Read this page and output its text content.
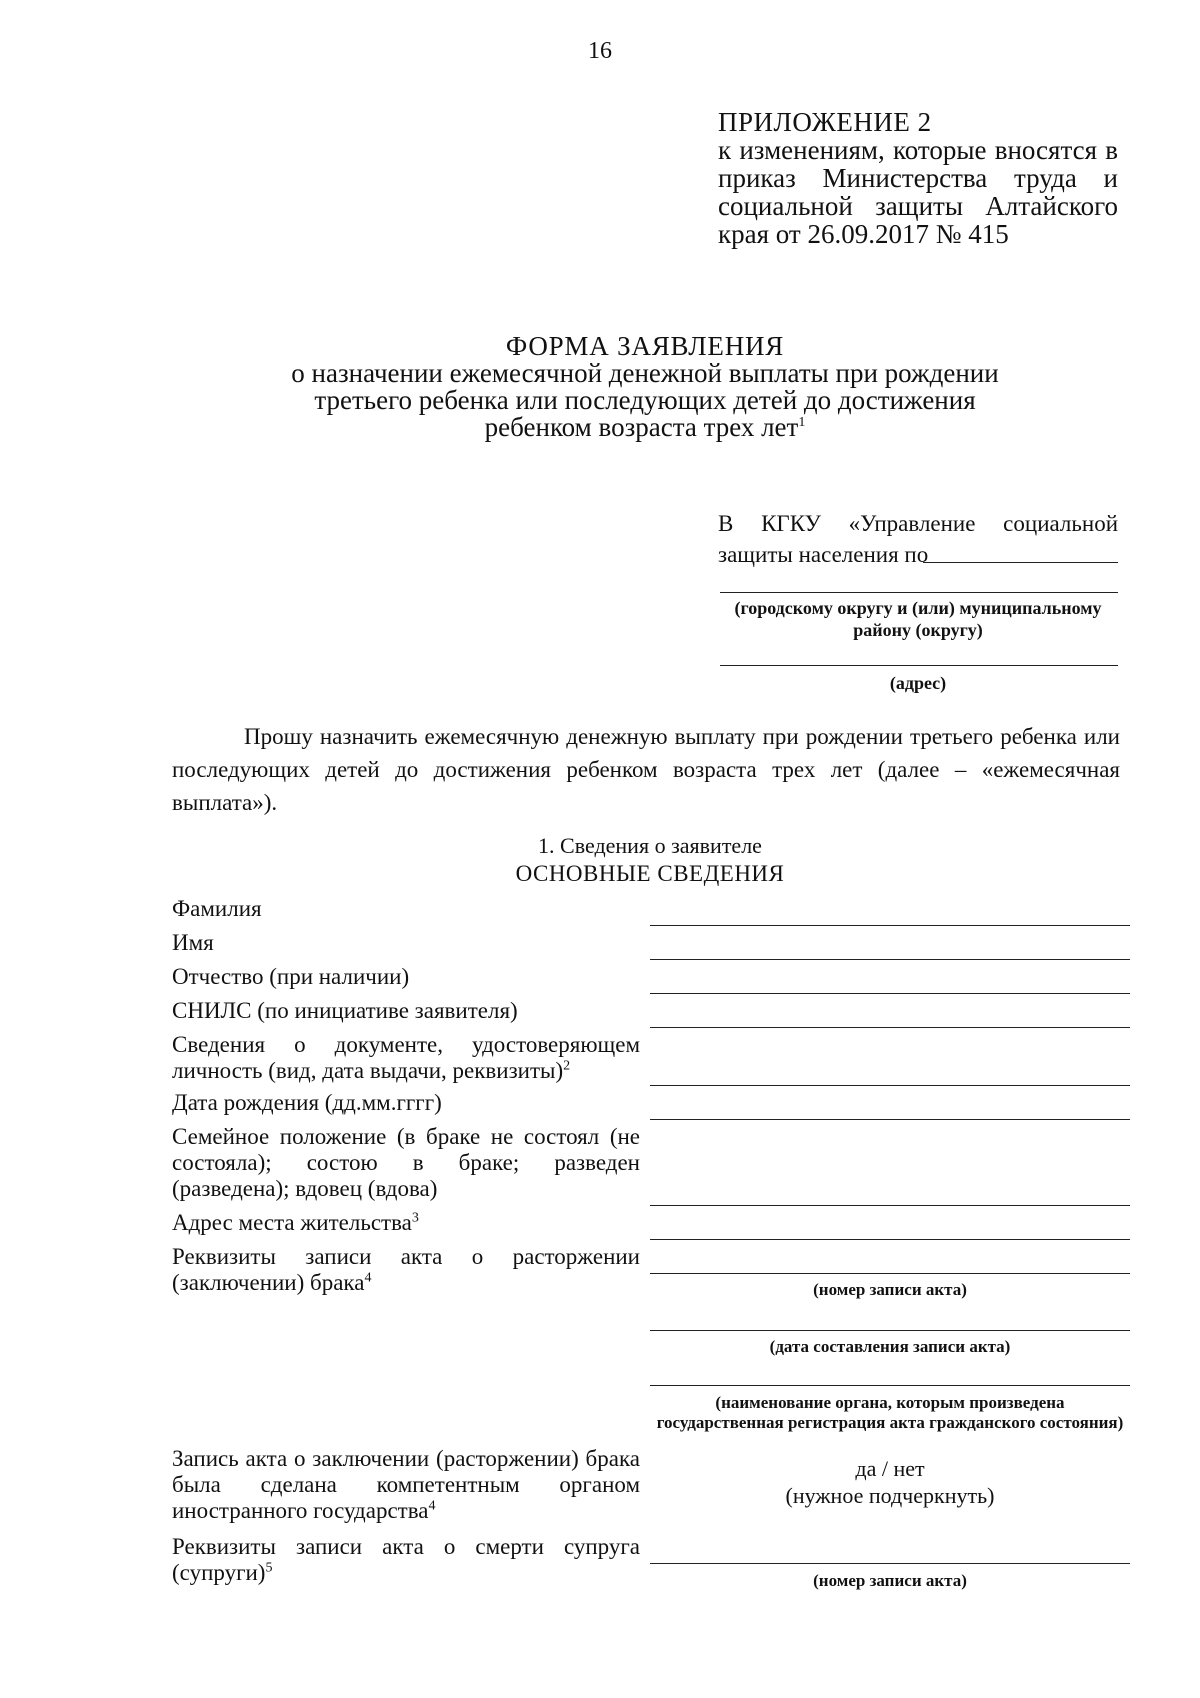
16
ПРИЛОЖЕНИЕ 2
к изменениям, которые вносятся в приказ Министерства труда и социальной защиты Алтайского края от 26.09.2017 № 415
ФОРМА ЗАЯВЛЕНИЯ
о назначении ежемесячной денежной выплаты при рождении
третьего ребенка или последующих детей до достижения
ребенком возраста трех лет$^1$
В КГКУ «Управление социальной защиты населения по
(городскому округу и (или) муниципальному району (округу)
(адрес)
Прошу назначить ежемесячную денежную выплату при рождении третьего ребенка или последующих детей до достижения ребенком возраста трех лет (далее – «ежемесячная выплата»).
1. Сведения о заявителе
ОСНОВНЫЕ СВЕДЕНИЯ
Фамилия
Имя
Отчество (при наличии)
СНИЛС (по инициативе заявителя)
Сведения о документе, удостоверяющем личность (вид, дата выдачи, реквизиты)$^2$
Дата рождения (дд.мм.гггг)
Семейное положение (в браке не состоял (не состояла); состою в браке; разведен (разведена); вдовец (вдова)
Адрес места жительства$^3$
Реквизиты записи акта о расторжении (заключении) брака$^4$
(номер записи акта)
(дата составления записи акта)
(наименование органа, которым произведена государственная регистрация акта гражданского состояния)
Запись акта о заключении (расторжении) брака была сделана компетентным органом иностранного государства$^4$
да / нет
(нужное подчеркнуть)
Реквизиты записи акта о смерти супруга (супруги)$^5$
(номер записи акта)
